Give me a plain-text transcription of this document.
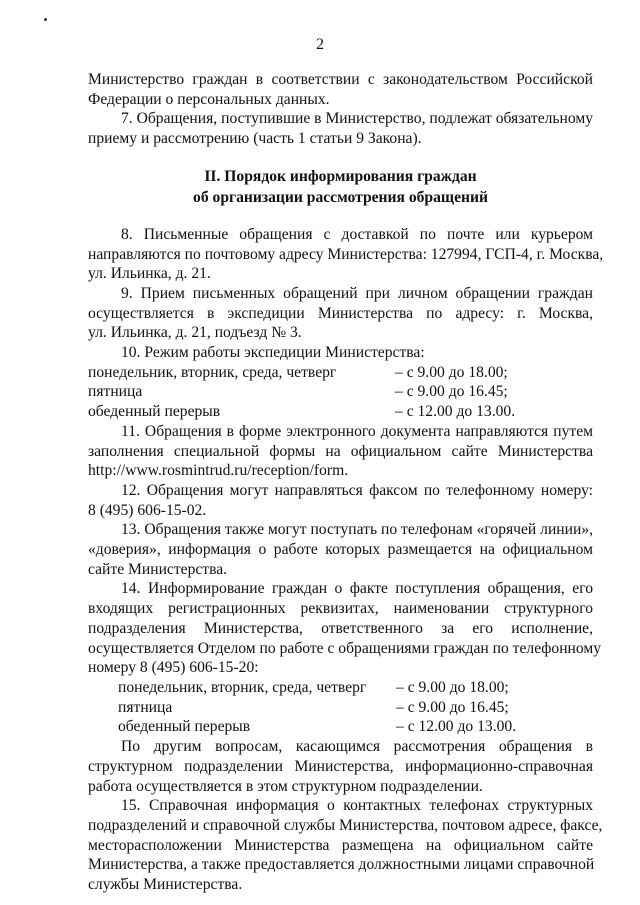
2
Министерство граждан в соответствии с законодательством Российской
Федерации о персональных данных.
7. Обращения, поступившие в Министерство, подлежат обязательному
приему и рассмотрению (часть 1 статьи 9 Закона).
II. Порядок информирования граждан
об организации рассмотрения обращений
8. Письменные обращения с доставкой по почте или курьером
направляются по почтовому адресу Министерства: 127994, ГСП-4, г. Москва,
ул. Ильинка, д. 21.
9. Прием письменных обращений при личном обращении граждан
осуществляется в экспедиции Министерства по адресу: г. Москва,
ул. Ильинка, д. 21, подъезд № 3.
10. Режим работы экспедиции Министерства:
понедельник, вторник, среда, четверг	– с 9.00 до 18.00;
пятница	– с 9.00 до 16.45;
обеденный перерыв	– с 12.00 до 13.00.
11. Обращения в форме электронного документа направляются путем
заполнения специальной формы на официальном сайте Министерства
http://www.rosmintrud.ru/reception/form.
12. Обращения могут направляться факсом по телефонному номеру:
8 (495) 606-15-02.
13. Обращения также могут поступать по телефонам «горячей линии»,
«доверия», информация о работе которых размещается на официальном
сайте Министерства.
14. Информирование граждан о факте поступления обращения, его
входящих регистрационных реквизитах, наименовании структурного
подразделения Министерства, ответственного за его исполнение,
осуществляется Отделом по работе с обращениями граждан по телефонному
номеру 8 (495) 606-15-20:
понедельник, вторник, среда, четверг	– с 9.00 до 18.00;
пятница	– с 9.00 до 16.45;
обеденный перерыв	– с 12.00 до 13.00.
По другим вопросам, касающимся рассмотрения обращения в
структурном подразделении Министерства, информационно-справочная
работа осуществляется в этом структурном подразделении.
15. Справочная информация о контактных телефонах структурных
подразделений и справочной службы Министерства, почтовом адресе, факсе,
месторасположении Министерства размещена на официальном сайте
Министерства, а также предоставляется должностными лицами справочной
службы Министерства.
